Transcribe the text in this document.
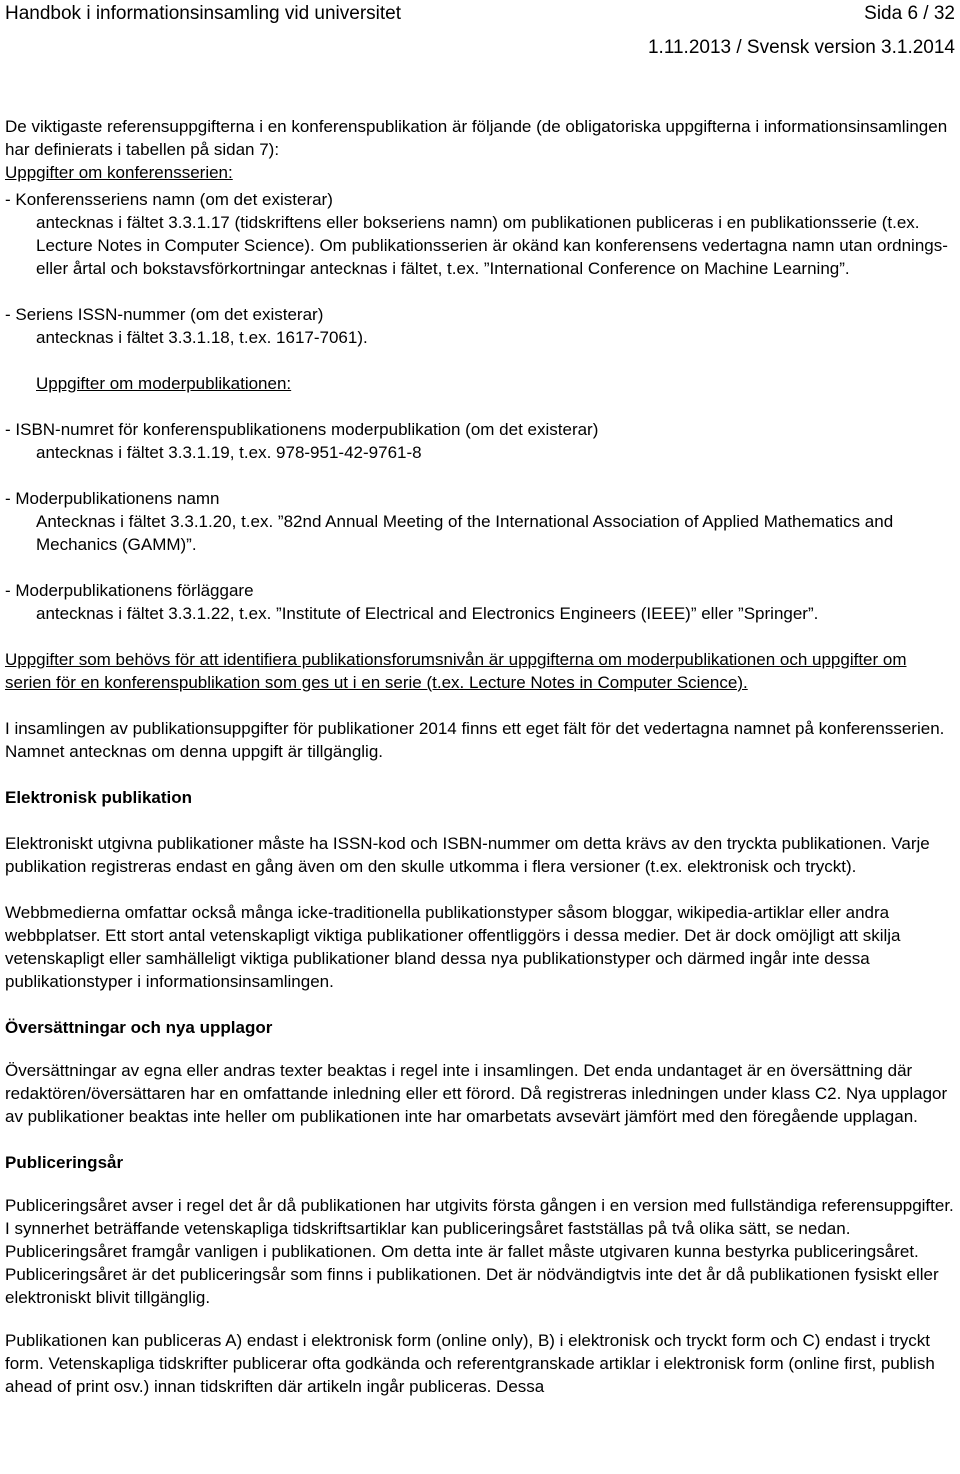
Handbok i informationsinsamling vid universitet	Sida 6 / 32
1.11.2013 / Svensk version 3.1.2014

De viktigaste referensuppgifterna i en konferenspublikation är följande (de obligatoriska uppgifterna i informationsinsamlingen har definierats i tabellen på sidan 7):

Uppgifter om konferensserien:

- Konferensseriens namn (om det existerar)

antecknas i fältet 3.3.1.17 (tidskriftens eller bokseriens namn) om publikationen publiceras i en publikationsserie (t.ex. Lecture Notes in Computer Science). Om publikationsserien är okänd kan konferensens vedertagna namn utan ordnings- eller årtal och bokstavsförkortningar antecknas i fältet, t.ex. ”International Conference on Machine Learning”.

- Seriens ISSN-nummer (om det existerar)

antecknas i fältet 3.3.1.18, t.ex. 1617-7061).

Uppgifter om moderpublikationen:

- ISBN-numret för konferenspublikationens moderpublikation (om det existerar)

antecknas i fältet 3.3.1.19, t.ex. 978-951-42-9761-8

- Moderpublikationens namn

Antecknas i fältet 3.3.1.20, t.ex. ”82nd Annual Meeting of the International Association of Applied Mathematics and Mechanics (GAMM)”.

- Moderpublikationens förläggare

antecknas i fältet 3.3.1.22, t.ex. ”Institute of Electrical and Electronics Engineers (IEEE)” eller ”Springer”.

Uppgifter som behövs för att identifiera publikationsforumsnivån är uppgifterna om moderpublikationen och uppgifter om serien för en konferenspublikation som ges ut i en serie (t.ex. Lecture Notes in Computer Science).

I insamlingen av publikationsuppgifter för publikationer 2014 finns ett eget fält för det vedertagna namnet på konferensserien. Namnet antecknas om denna uppgift är tillgänglig.

Elektronisk publikation

Elektroniskt utgivna publikationer måste ha ISSN-kod och ISBN-nummer om detta krävs av den tryckta publikationen. Varje publikation registreras endast en gång även om den skulle utkomma i flera versioner (t.ex. elektronisk och tryckt).

Webbmedierna omfattar också många icke-traditionella publikationstyper såsom bloggar, wikipedia-artiklar eller andra webbplatser. Ett stort antal vetenskapligt viktiga publikationer offentliggörs i dessa medier. Det är dock omöjligt att skilja vetenskapligt eller samhälleligt viktiga publikationer bland dessa nya publikationstyper och därmed ingår inte dessa publikationstyper i informationsinsamlingen.

Översättningar och nya upplagor

Översättningar av egna eller andras texter beaktas i regel inte i insamlingen. Det enda undantaget är en översättning där redaktören/översättaren har en omfattande inledning eller ett förord. Då registreras inledningen under klass C2. Nya upplagor av publikationer beaktas inte heller om publikationen inte har omarbetats avsevärt jämfört med den föregående upplagan.

Publiceringsår

Publiceringsåret avser i regel det år då publikationen har utgivits första gången i en version med fullständiga referensuppgifter. I synnerhet beträffande vetenskapliga tidskriftsartiklar kan publiceringsåret fastställas på två olika sätt, se nedan. Publiceringsåret framgår vanligen i publikationen. Om detta inte är fallet måste utgivaren kunna bestyrka publiceringsåret. Publiceringsåret är det publiceringsår som finns i publikationen. Det är nödvändigtvis inte det år då publikationen fysiskt eller elektroniskt blivit tillgänglig.

Publikationen kan publiceras A) endast i elektronisk form (online only), B) i elektronisk och tryckt form och C) endast i tryckt form. Vetenskapliga tidskrifter publicerar ofta godkända och referentgranskade artiklar i elektronisk form (online first, publish ahead of print osv.) innan tidskriften där artikeln ingår publiceras. Dessa
